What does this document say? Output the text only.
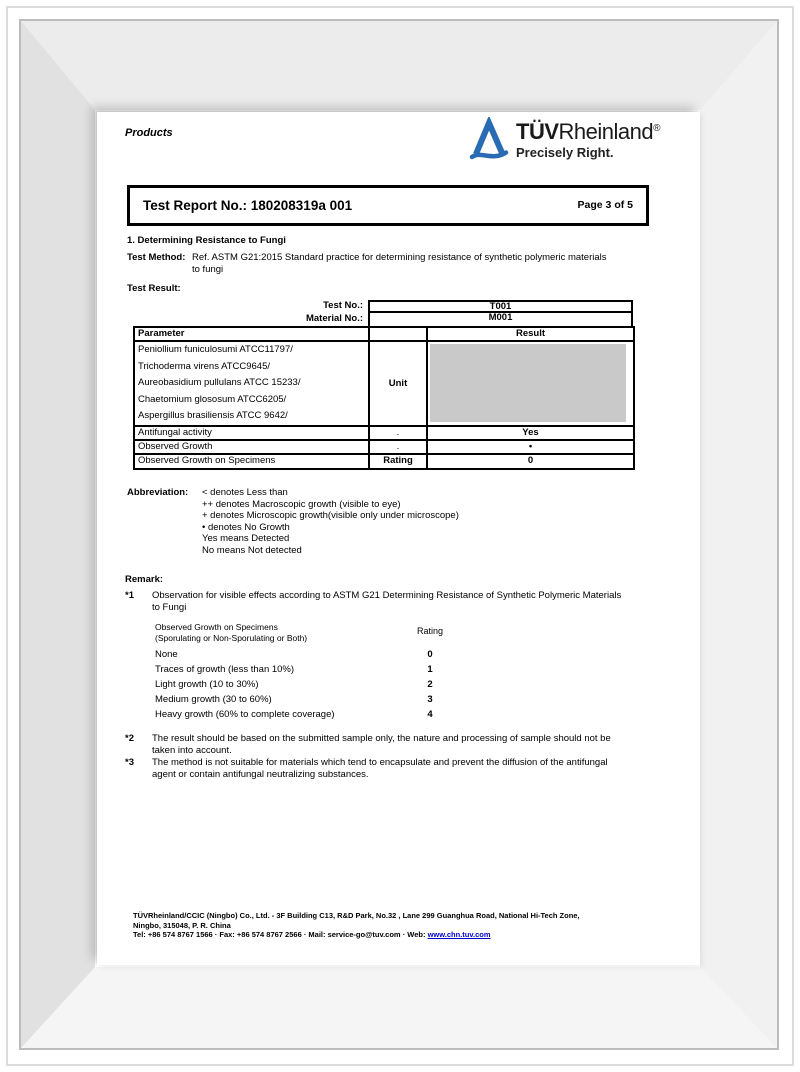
Products	TÜVRheinland®
Precisely Right.
Test Report No.: 180208319a 001	Page 3 of 5
1. Determining Resistance to Fungi
Test Method: Ref. ASTM G21:2015 Standard practice for determining resistance of synthetic polymeric materials to fungi
Test Result:
Test No.:	T001
Material No.:	M001
Parameter		Result

Peniollium funiculosumi ATCC11797/
Trichoderma virens ATCC9645/
Aureobasidium pullulans ATCC 15233/
Chaetomium glososum ATCC6205/
Aspergillus brasiliensis ATCC 9642/	Unit	

Antifungal activity	.	Yes
Observed Growth	.	•
Observed Growth on Specimens	Rating	0
Abbreviation: < denotes Less than
++ denotes Macroscopic growth (visible to eye)
+ denotes Microscopic growth(visible only under microscope)
• denotes No Growth
Yes means Detected
No means Not detected
Remark:
*1 Observation for visible effects according to ASTM G21 Determining Resistance of Synthetic Polymeric Materials to Fungi
Observed Growth on Specimens
(Sporulating or Non-Sporulating or Both)
Rating
None	0
Traces of growth (less than 10%)	1
Light growth (10 to 30%)	2
Medium growth (30 to 60%)	3
Heavy growth (60% to complete coverage)	4
*2 The result should be based on the submitted sample only, the nature and processing of sample should not be taken into account.
*3 The method is not suitable for materials which tend to encapsulate and prevent the diffusion of the antifungal agent or contain antifungal neutralizing substances.
TÜVRheinland/CCIC (Ningbo) Co., Ltd. - 3F Building C13, R&D Park, No.32 , Lane 299 Guanghua Road, National Hi-Tech Zone,
Ningbo, 315048, P. R. China
Tel: +86 574 8767 1566 · Fax: +86 574 8767 2566 · Mail: service-go@tuv.com · Web: www.chn.tuv.com
